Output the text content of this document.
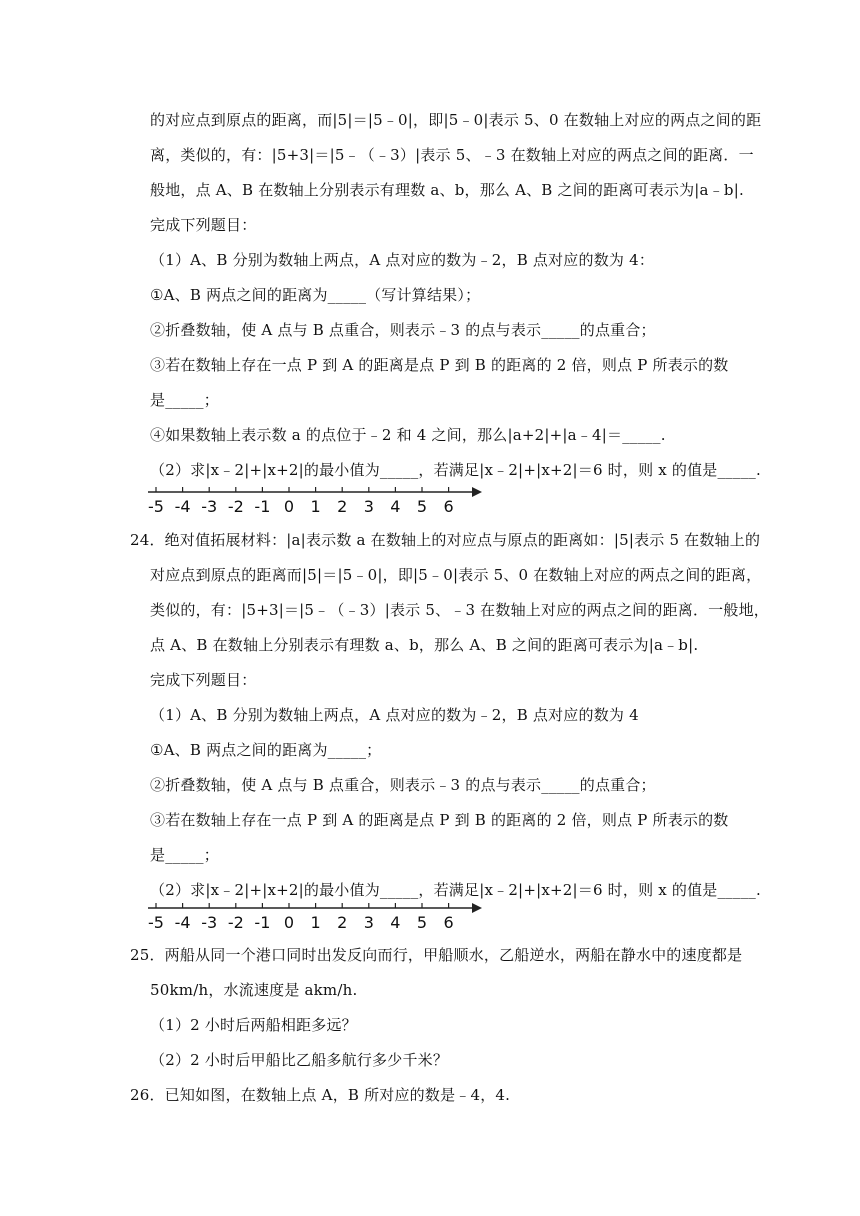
的对应点到原点的距离，而|5|＝|5﹣0|，即|5﹣0|表示 5、0 在数轴上对应的两点之间的距
离，类似的，有：|5+3|＝|5﹣（﹣3）|表示 5、﹣3 在数轴上对应的两点之间的距离．一
般地，点 A、B 在数轴上分别表示有理数 a、b，那么 A、B 之间的距离可表示为|a﹣b|.
完成下列题目：
（1）A、B 分别为数轴上两点，A 点对应的数为﹣2，B 点对应的数为 4：
①A、B 两点之间的距离为_____（写计算结果）；
②折叠数轴，使 A 点与 B 点重合，则表示﹣3 的点与表示_____的点重合；
③若在数轴上存在一点 P 到 A 的距离是点 P 到 B 的距离的 2 倍，则点 P 所表示的数
是_____；
④如果数轴上表示数 a 的点位于﹣2 和 4 之间，那么|a+2|+|a﹣4|＝_____.
（2）求|x﹣2|+|x+2|的最小值为_____，若满足|x﹣2|+|x+2|＝6 时，则 x 的值是_____.
-5 -4 -3 -2 -1 0 1 2 3 4 5 6
24．绝对值拓展材料：|a|表示数 a 在数轴上的对应点与原点的距离如：|5|表示 5 在数轴上的
对应点到原点的距离而|5|＝|5﹣0|，即|5﹣0|表示 5、0 在数轴上对应的两点之间的距离，
类似的，有：|5+3|＝|5﹣（﹣3）|表示 5、﹣3 在数轴上对应的两点之间的距离．一般地，
点 A、B 在数轴上分别表示有理数 a、b，那么 A、B 之间的距离可表示为|a﹣b|.
完成下列题目：
（1）A、B 分别为数轴上两点，A 点对应的数为﹣2，B 点对应的数为 4
①A、B 两点之间的距离为_____；
②折叠数轴，使 A 点与 B 点重合，则表示﹣3 的点与表示_____的点重合；
③若在数轴上存在一点 P 到 A 的距离是点 P 到 B 的距离的 2 倍，则点 P 所表示的数
是_____；
（2）求|x﹣2|+|x+2|的最小值为_____，若满足|x﹣2|+|x+2|＝6 时，则 x 的值是_____.
-5 -4 -3 -2 -1 0 1 2 3 4 5 6
25．两船从同一个港口同时出发反向而行，甲船顺水，乙船逆水，两船在静水中的速度都是
50km/h，水流速度是 akm/h.
（1）2 小时后两船相距多远？
（2）2 小时后甲船比乙船多航行多少千米？
26．已知如图，在数轴上点 A，B 所对应的数是﹣4，4.
